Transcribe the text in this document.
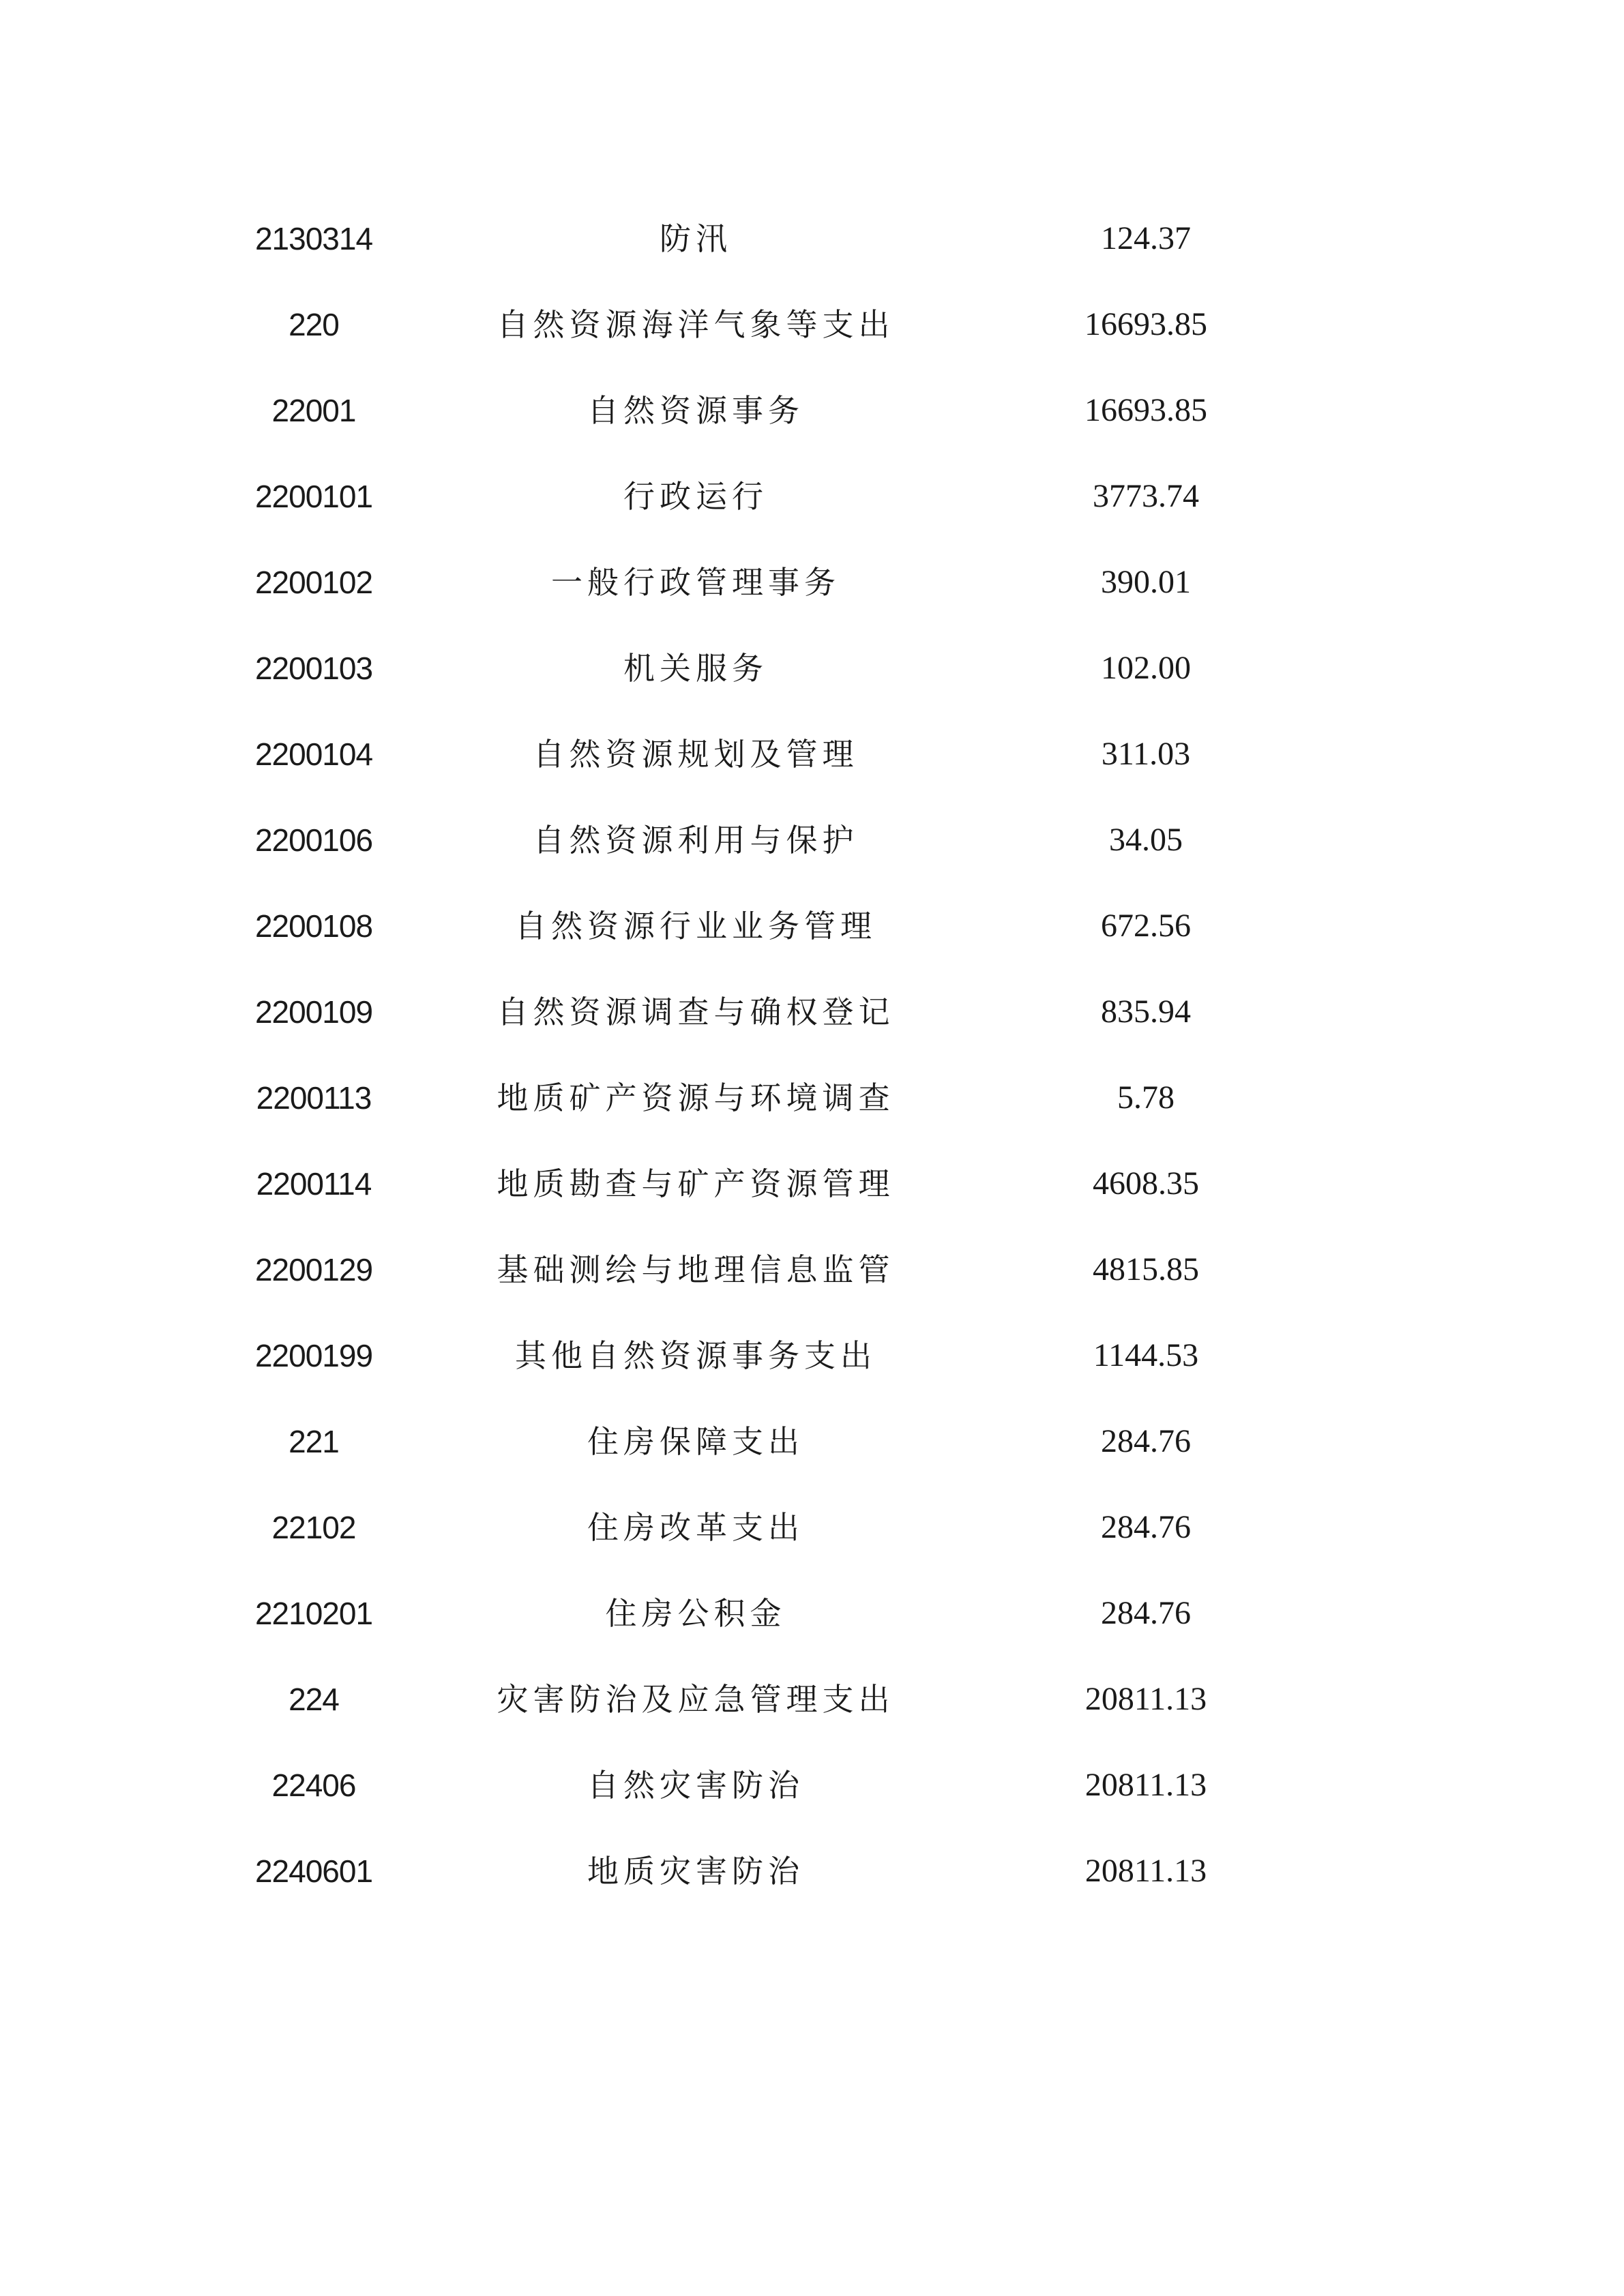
2130314	防汛	124.37
220	自然资源海洋气象等支出	16693.85
22001	自然资源事务	16693.85
2200101	行政运行	3773.74
2200102	一般行政管理事务	390.01
2200103	机关服务	102.00
2200104	自然资源规划及管理	311.03
2200106	自然资源利用与保护	34.05
2200108	自然资源行业业务管理	672.56
2200109	自然资源调查与确权登记	835.94
2200113	地质矿产资源与环境调查	5.78
2200114	地质勘查与矿产资源管理	4608.35
2200129	基础测绘与地理信息监管	4815.85
2200199	其他自然资源事务支出	1144.53
221	住房保障支出	284.76
22102	住房改革支出	284.76
2210201	住房公积金	284.76
224	灾害防治及应急管理支出	20811.13
22406	自然灾害防治	20811.13
2240601	地质灾害防治	20811.13
